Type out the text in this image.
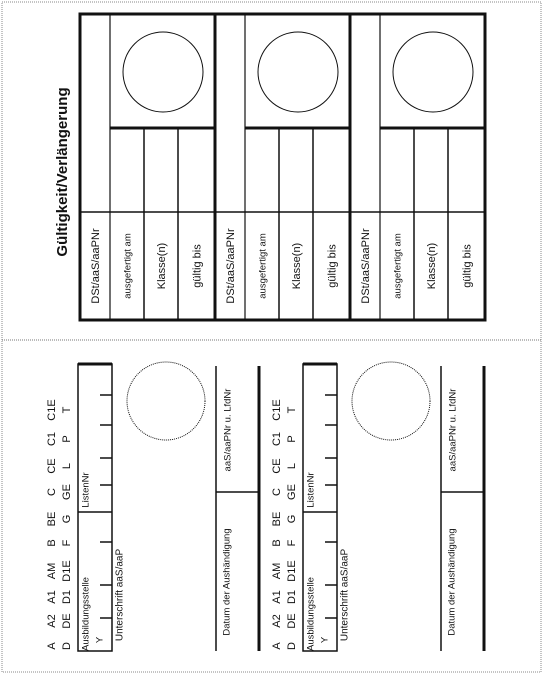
Gültigkeit/Verlängerung
DSt/aaS/aaPNr ausgefertigt am Klasse(n) gültig bis DSt/aaS/aaPNr ausgefertigt am Klasse(n) gültig bis DSt/aaS/aaPNr ausgefertigt am Klasse(n) gültig bis
A
A2
A1
AM
B
BE
C
CE
C1
C1E
D
DE
D1
D1E
F
G
GE
L
P
T
Ausbildungsstelle
ListenNr
Y Unterschrift aaS/aaP	Datum der Aushändigung
aaS/aaPNr u. LfdNr
A
A2
A1
AM
B
BE
C
CE
C1
C1E
D
DE
D1
D1E
F
G
GE
L
P
T
Ausbildungsstelle
ListenNr
Y Unterschrift aaS/aaP	Datum der Aushändigung
aaS/aaPNr u. LfdNr
